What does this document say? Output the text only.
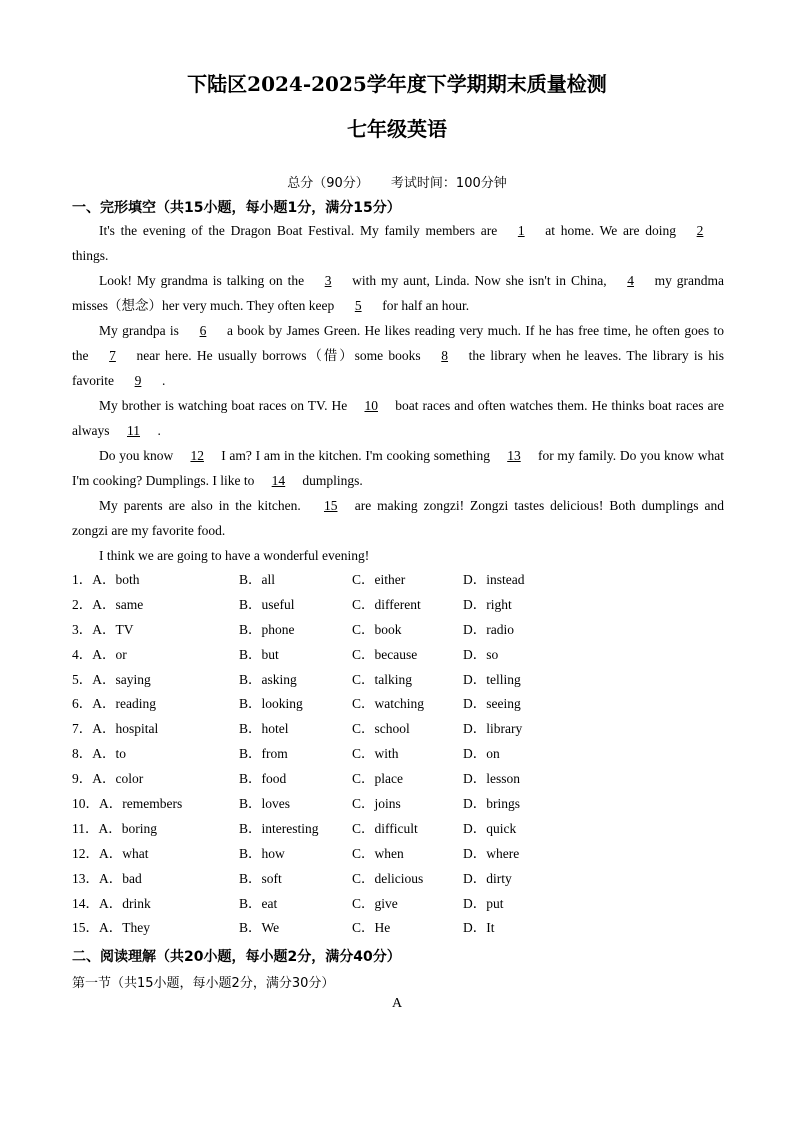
下陆区2024-2025学年度下学期期末质量检测
七年级英语
总分（90分） 考试时间：100分钟
一、完形填空（共15小题，每小题1分，满分15分）

It's the evening of the Dragon Boat Festival. My family members are 1 at home. We are doing 2things.

Look! My grandma is talking on the 3 with my aunt, Linda. Now she isn't in China, 4 my grandma misses（想念）her very much. They often keep 5 for half an hour.

My grandpa is 6 a book by James Green. He likes reading very much. If he has free time, he often goes to the 7 near here. He usually borrows（借）some books 8 the library when he leaves. The library is his favorite 9 .

My brother is watching boat races on TV. He 10 boat races and often watches them. He thinks boat races are always 11 .

Do you know 12 I am? I am in the kitchen. I'm cooking something 13 for my family. Do you know what I'm cooking? Dumplings. I like to 14 dumplings.

My parents are also in the kitchen. 15 are making zongzi! Zongzi tastes delicious! Both dumplings and zongzi are my favorite food.

I think we are going to have a wonderful evening!

1．A．both	B．all	C．either	D．instead
2．A．same	B．useful	C．different	D．right
3．A．TV	B．phone	C．book	D．radio
4．A．or	B．but	C．because	D．so
5．A．saying	B．asking	C．talking	D．telling
6．A．reading	B．looking	C．watching	D．seeing
7．A．hospital	B．hotel	C．school	D．library
8．A．to	B．from	C．with	D．on
9．A．color	B．food	C．place	D．lesson
10．A．remembers	B．loves	C．joins	D．brings
11．A．boring	B．interesting C．difficult	D．quick
12．A．what	B．how	C．when	D．where
13．A．bad	B．soft	C．delicious	D．dirty
14．A．drink	B．eat	C．give	D．put
15．A．They	B．We	C．He	D．It
二、阅读理解（共20小题，每小题2分，满分40分）
第一节（共15小题，每小题2分，满分30分）
A
